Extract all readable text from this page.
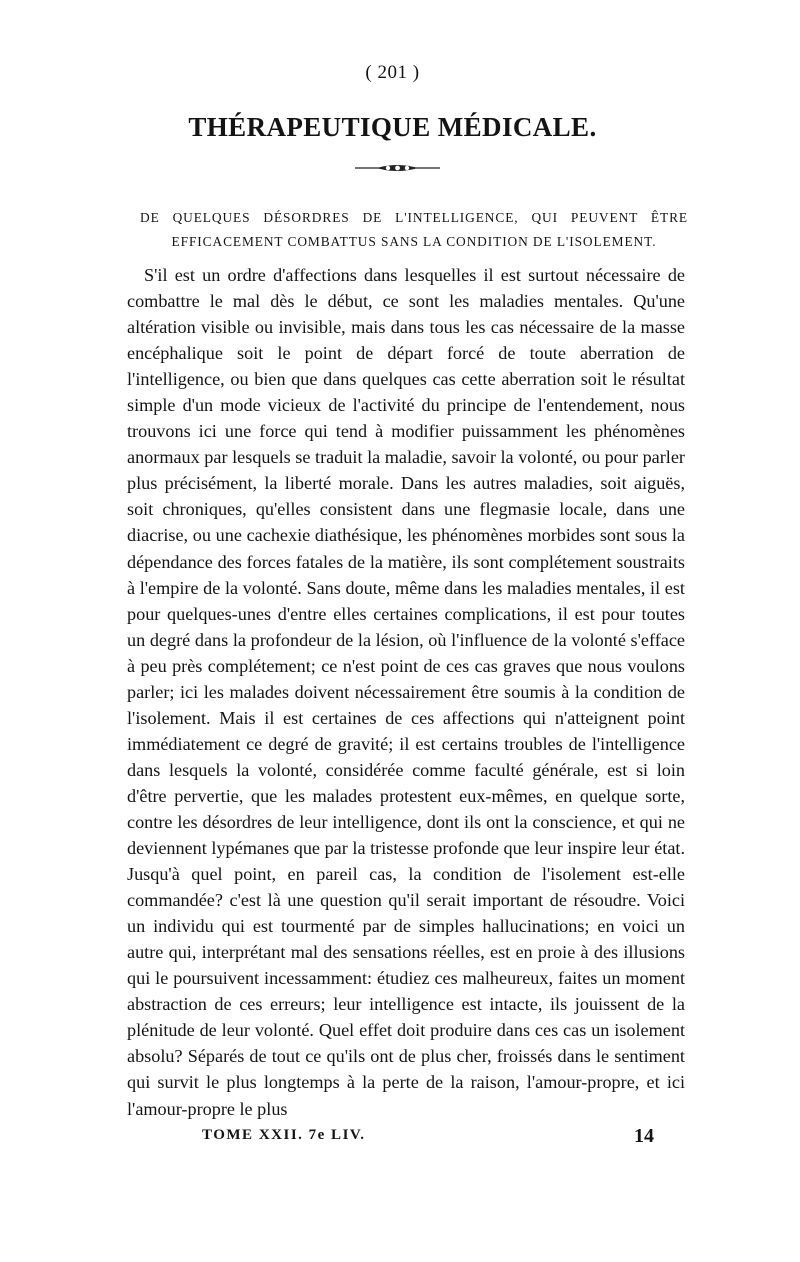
( 201 )
THÉRAPEUTIQUE MÉDICALE.
DE QUELQUES DÉSORDRES DE L'INTELLIGENCE, QUI PEUVENT ÊTRE EFFICACEMENT COMBATTUS SANS LA CONDITION DE L'ISOLEMENT.

S'il est un ordre d'affections dans lesquelles il est surtout nécessaire de combattre le mal dès le début, ce sont les maladies mentales. Qu'une altération visible ou invisible, mais dans tous les cas nécessaire de la masse encéphalique soit le point de départ forcé de toute aberration de l'intelligence, ou bien que dans quelques cas cette aberration soit le résultat simple d'un mode vicieux de l'activité du principe de l'entendement, nous trouvons ici une force qui tend à modifier puissamment les phénomènes anormaux par lesquels se traduit la maladie, savoir la volonté, ou pour parler plus précisément, la liberté morale. Dans les autres maladies, soit aiguës, soit chroniques, qu'elles consistent dans une flegmasie locale, dans une diacrise, ou une cachexie diathésique, les phénomènes morbides sont sous la dépendance des forces fatales de la matière, ils sont complétement soustraits à l'empire de la volonté. Sans doute, même dans les maladies mentales, il est pour quelques-unes d'entre elles certaines complications, il est pour toutes un degré dans la profondeur de la lésion, où l'influence de la volonté s'efface à peu près complétement; ce n'est point de ces cas graves que nous voulons parler; ici les malades doivent nécessairement être soumis à la condition de l'isolement. Mais il est certaines de ces affections qui n'atteignent point immédiatement ce degré de gravité; il est certains troubles de l'intelligence dans lesquels la volonté, considérée comme faculté générale, est si loin d'être pervertie, que les malades protestent eux-mêmes, en quelque sorte, contre les désordres de leur intelligence, dont ils ont la conscience, et qui ne deviennent lypémanes que par la tristesse profonde que leur inspire leur état. Jusqu'à quel point, en pareil cas, la condition de l'isolement est-elle commandée? c'est là une question qu'il serait important de résoudre. Voici un individu qui est tourmenté par de simples hallucinations; en voici un autre qui, interprétant mal des sensations réelles, est en proie à des illusions qui le poursuivent incessamment: étudiez ces malheureux, faites un moment abstraction de ces erreurs; leur intelligence est intacte, ils jouissent de la plénitude de leur volonté. Quel effet doit produire dans ces cas un isolement absolu? Séparés de tout ce qu'ils ont de plus cher, froissés dans le sentiment qui survit le plus longtemps à la perte de la raison, l'amour-propre, et ici l'amour-propre le plus

TOME XXII. 7e LIV.	14
